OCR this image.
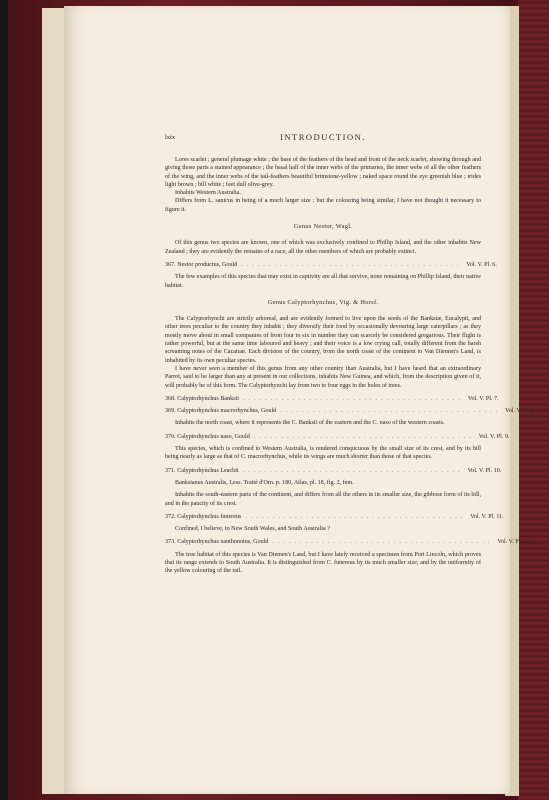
lxix	INTRODUCTION.

Lores scarlet ; general plumage white ; the base of the feathers of the head and front of the neck scarlet, showing through and giving those parts a stained appearance ; the basal half of the inner webs of the primaries, the inner webs of all the other feathers of the wing, and the inner webs of the tail-feathers beautiful brimstone-yellow ; naked space round the eye greenish blue ; irides light brown ; bill white ; feet dull olive-grey.

Inhabits Western Australia.

Differs from L. sanicus in being of a much larger size ; but the colouring being similar, I have not thought it necessary to figure it.

Genus Nestor, Wagl.

Of this genus two species are known, one of which was exclusively confined to Phillip Island, and the other inhabits New Zealand ; they are evidently the remains of a race, all the other members of which are probably extinct.

367. Nestor productus, Gould ........................................ Vol. V. Pl. 6.

The few examples of this species that may exist in captivity are all that survive, none remaining on Phillip Island, their native habitat.

Genus Calyptorhynchus, Vig. & Horsf.

The Calyptorhynchi are strictly arboreal, and are evidently formed to live upon the seeds of the Banksiæ, Eucalypti, and other trees peculiar to the country they inhabit ; they diversify their food by occasionally devouring large caterpillars ; as they mostly move about in small companies of from four to six in number they can scarcely be considered gregarious. Their flight is rather powerful, but at the same time laboured and heavy ; and their voice is a low crying call, totally different from the harsh screaming notes of the Cacatuæ. Each division of the country, from the north coast of the continent to Van Diemen's Land, is inhabited by its own peculiar species.

I have never seen a member of this genus from any other country than Australia, but I have heard that an extraordinary Parrot, said to be larger than any at present in our collections, inhabits New Guinea, and which, from the description given of it, will probably be of this form. The Calyptorhynchi lay from two to four eggs in the holes of trees.

368. Calyptorhynchus Banksii ........................................ Vol. V. Pl. 7.
369. Calyptorhynchus macrorhynchus, Gould ........................................ Vol. V. Pl. 8.

Inhabits the north coast, where it represents the C. Banksii of the eastern and the C. naso of the western coasts.

370. Calyptorhynchus naso, Gould ........................................ Vol. V. Pl. 9.

This species, which is confined to Western Australia, is rendered conspicuous by the small size of its crest, and by its bill being nearly as large as that of C. macrorhynchus, while its wings are much shorter than those of that species.

371. Calyptorhynchus Leachii ........................................ Vol. V. Pl. 10.

Banksianus Australis, Less. Traité d'Orn. p. 180, Atlas, pl. 18, fig. 2, fem.

Inhabits the south-eastern parts of the continent, and differs from all the others in its smaller size, the gibbose form of its bill, and in the paucity of its crest.

372. Calyptorhynchus funereus ........................................ Vol. V. Pl. 11.

Confined, I believe, to New South Wales, and South Australia ?

373. Calyptorhynchus xanthonotus, Gould ........................................ Vol. V. Pl. 12.

The true habitat of this species is Van Diemen's Land, but I have lately received a specimen from Port Lincoln, which proves that its range extends to South Australia. It is distinguished from C. funereus by its much smaller size, and by the uniformity of the yellow colouring of the tail.
